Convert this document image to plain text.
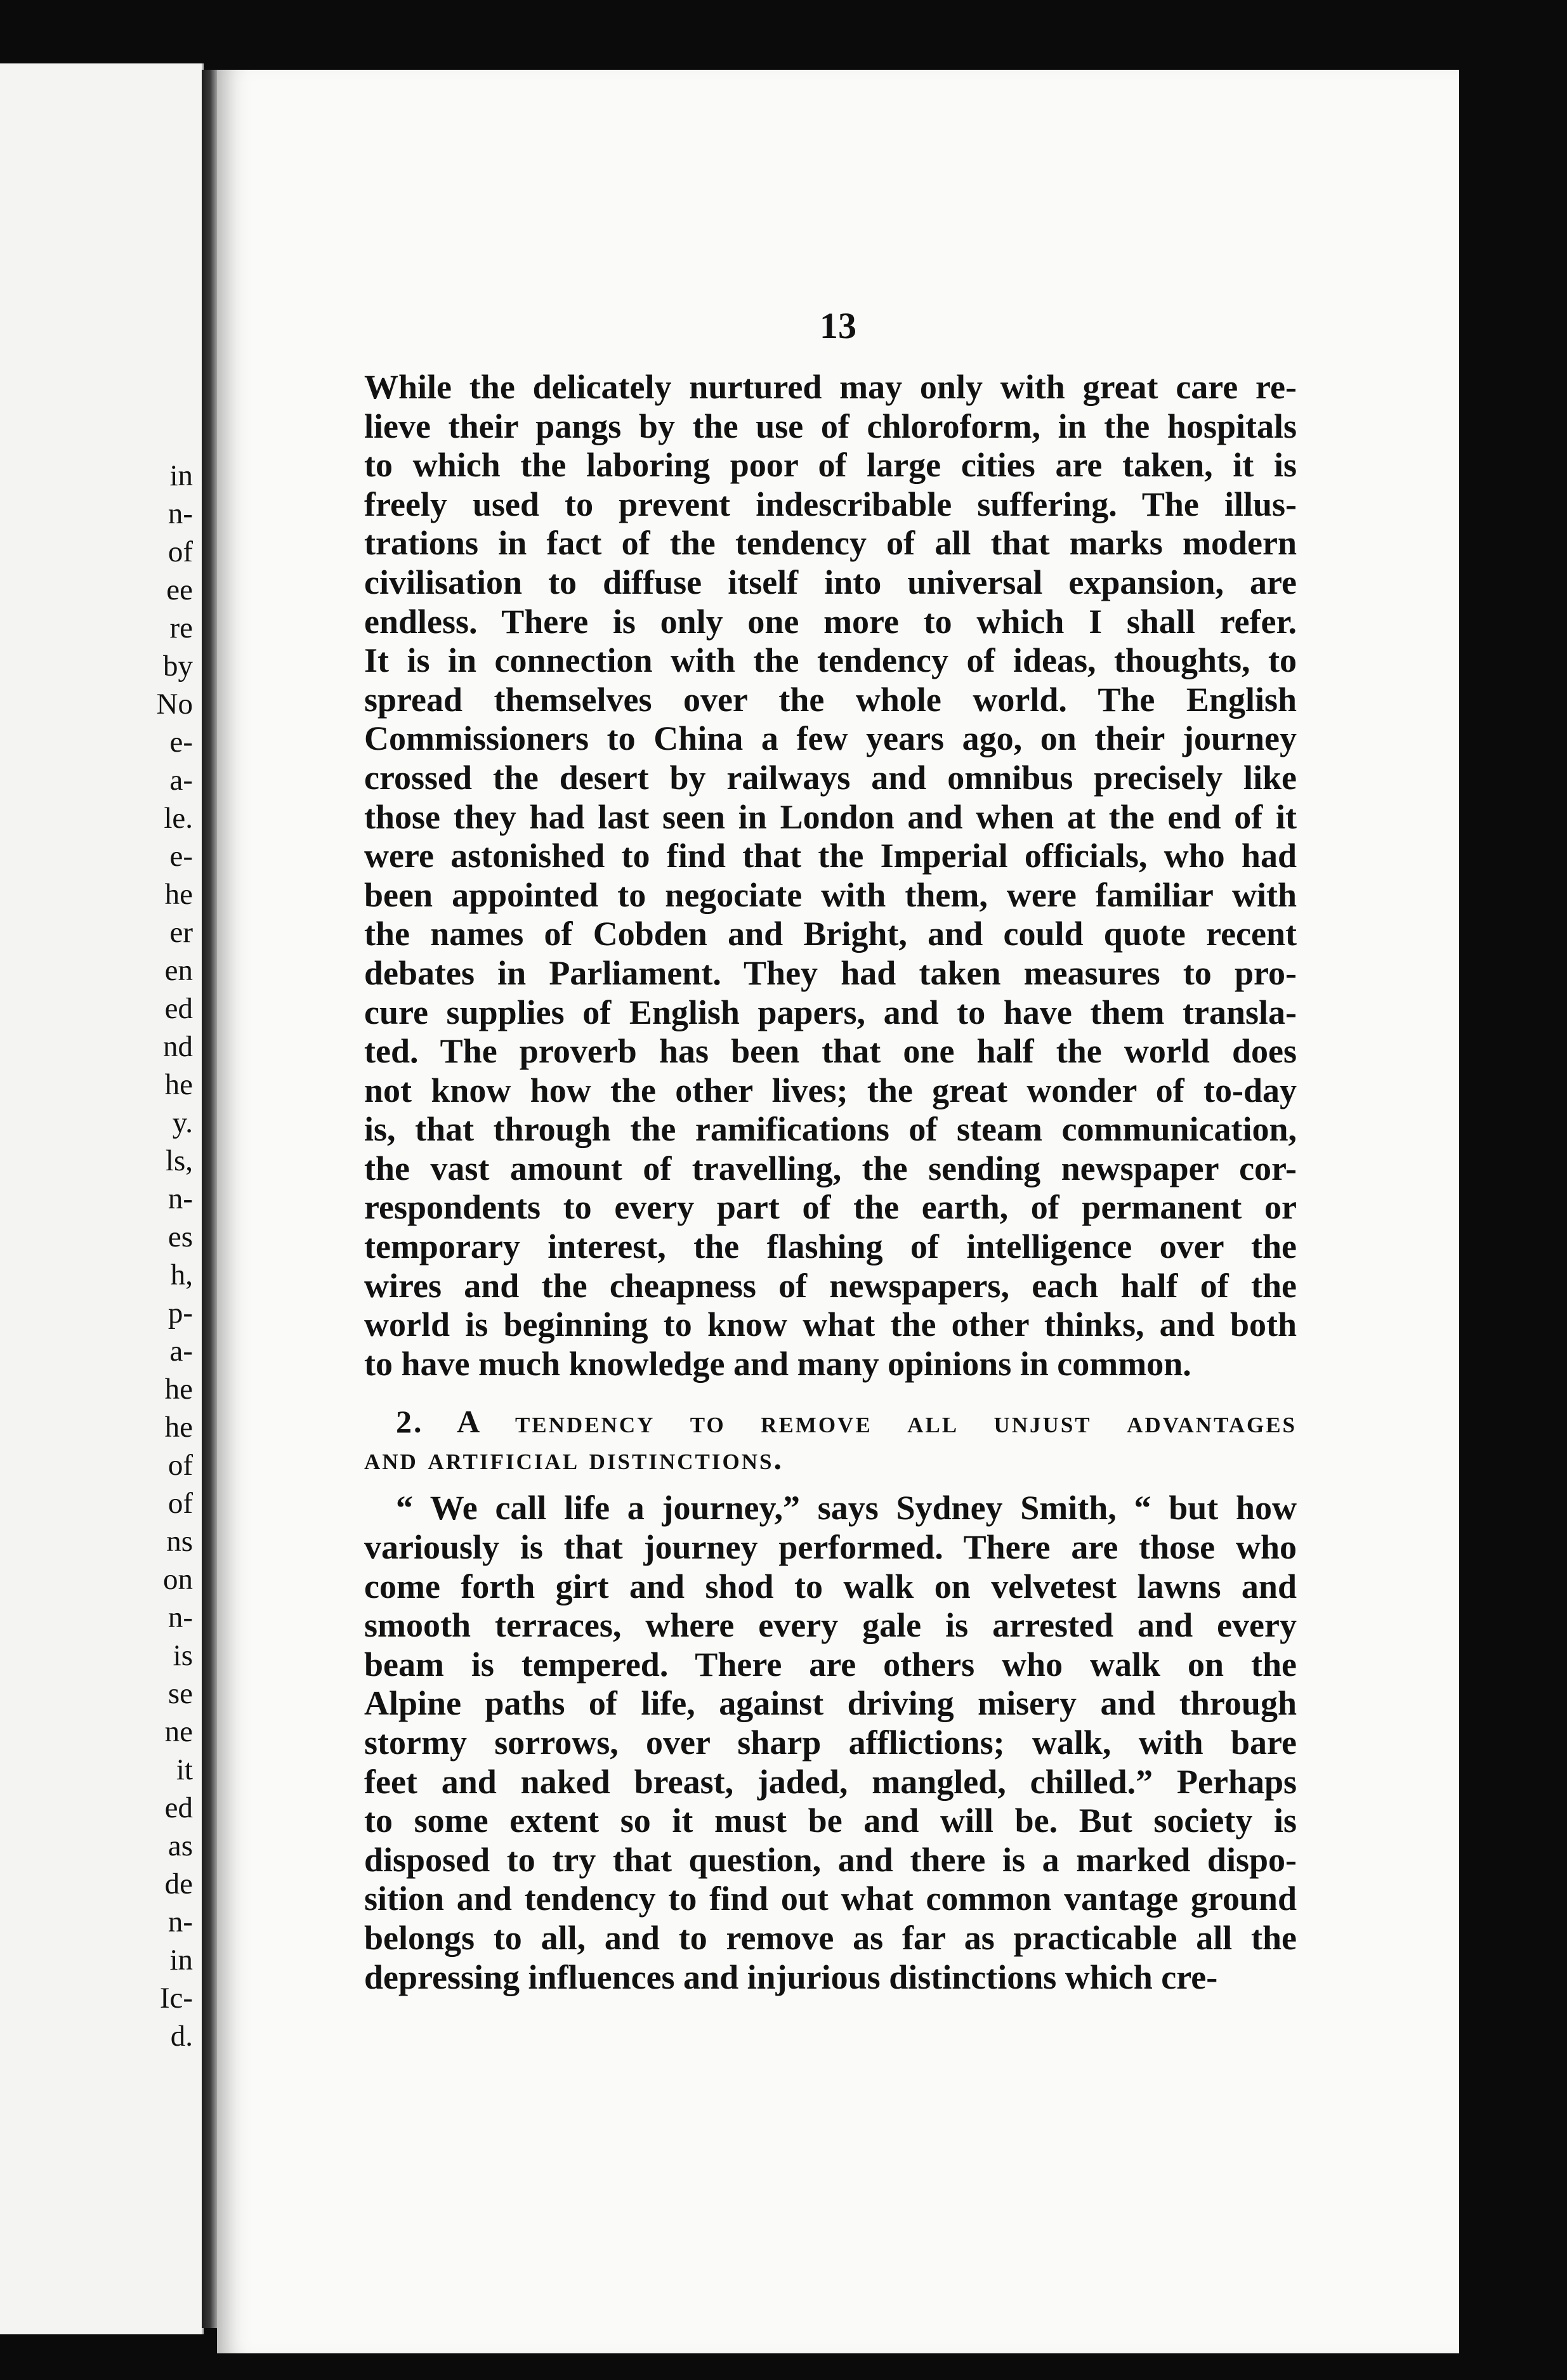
in
n-
of
ee
re
by
No
e-
a-
le.
e-
he
er
en
ed
nd
he
y.
ls,
n-
es
h,
p-
a-
he
he
of
of
ns
on
n-
is
se
ne
it
ed
as
de
n-
in
Ic-
d.
13
While the delicately nurtured may only with great care re-
lieve their pangs by the use of chloroform, in the hospitals
to which the laboring poor of large cities are taken, it is
freely used to prevent indescribable suffering. The illus-
trations in fact of the tendency of all that marks modern
civilisation to diffuse itself into universal expansion, are
endless. There is only one more to which I shall refer.
It is in connection with the tendency of ideas, thoughts, to
spread themselves over the whole world. The English
Commissioners to China a few years ago, on their journey
crossed the desert by railways and omnibus precisely like
those they had last seen in London and when at the end of it
were astonished to find that the Imperial officials, who had
been appointed to negociate with them, were familiar with
the names of Cobden and Bright, and could quote recent
debates in Parliament. They had taken measures to pro-
cure supplies of English papers, and to have them transla-
ted. The proverb has been that one half the world does
not know how the other lives; the great wonder of to-day
is, that through the ramifications of steam communication,
the vast amount of travelling, the sending newspaper cor-
respondents to every part of the earth, of permanent or
temporary interest, the flashing of intelligence over the
wires and the cheapness of newspapers, each half of the
world is beginning to know what the other thinks, and both
to have much knowledge and many opinions in common.
2. A tendency to remove all unjust advantages
and artificial distinctions.
“ We call life a journey,” says Sydney Smith, “ but how
variously is that journey performed. There are those who
come forth girt and shod to walk on velvetest lawns and
smooth terraces, where every gale is arrested and every
beam is tempered. There are others who walk on the
Alpine paths of life, against driving misery and through
stormy sorrows, over sharp afflictions; walk, with bare
feet and naked breast, jaded, mangled, chilled.” Perhaps
to some extent so it must be and will be. But society is
disposed to try that question, and there is a marked dispo-
sition and tendency to find out what common vantage ground
belongs to all, and to remove as far as practicable all the
depressing influences and injurious distinctions which cre-
